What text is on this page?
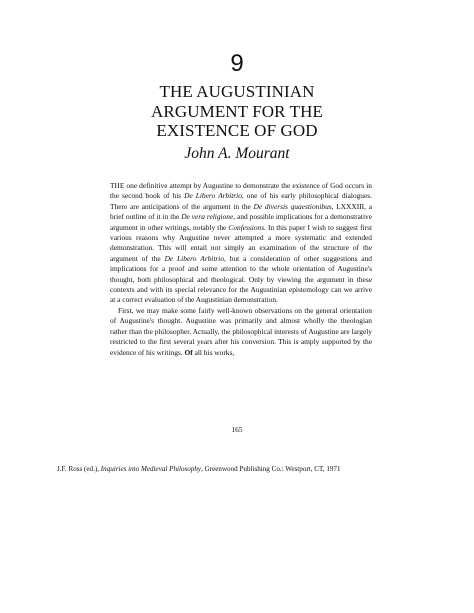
9
THE AUGUSTINIAN
ARGUMENT FOR THE
EXISTENCE OF GOD
John A. Mourant

THE one definitive attempt by Augustine to demonstrate the existence of God occurs in the second book of his De Libero Arbitrio, one of his early philosophical dialogues. There are anticipations of the argument in the De diversis quaestionibus, LXXXIII, a brief outline of it in the De vera religione, and possible implications for a demonstrative argument in other writings, notably the Confessions. In this paper I wish to suggest first various reasons why Augustine never attempted a more systematic and extended demonstration. This will entail not simply an examination of the structure of the argument of the De Libero Arbitrio, but a consideration of other suggestions and implications for a proof and some attention to the whole orientation of Augustine's thought, both philosophical and theological. Only by viewing the argument in these contexts and with its special relevance for the Augustinian epistemology can we arrive at a correct evaluation of the Augustinian demonstration.

First, we may make some fairly well-known observations on the general orientation of Augustine's thought. Augustine was primarily and almost wholly the theologian rather than the philosopher. Actually, the philosophical interests of Augustine are largely restricted to the first several years after his conversion. This is amply supported by the evidence of his writings. Of all his works,

165
J.F. Ross (ed.), Inquiries into Medieval Philosophy, Greenwood Publishing Co.: Westport, CT, 1971
